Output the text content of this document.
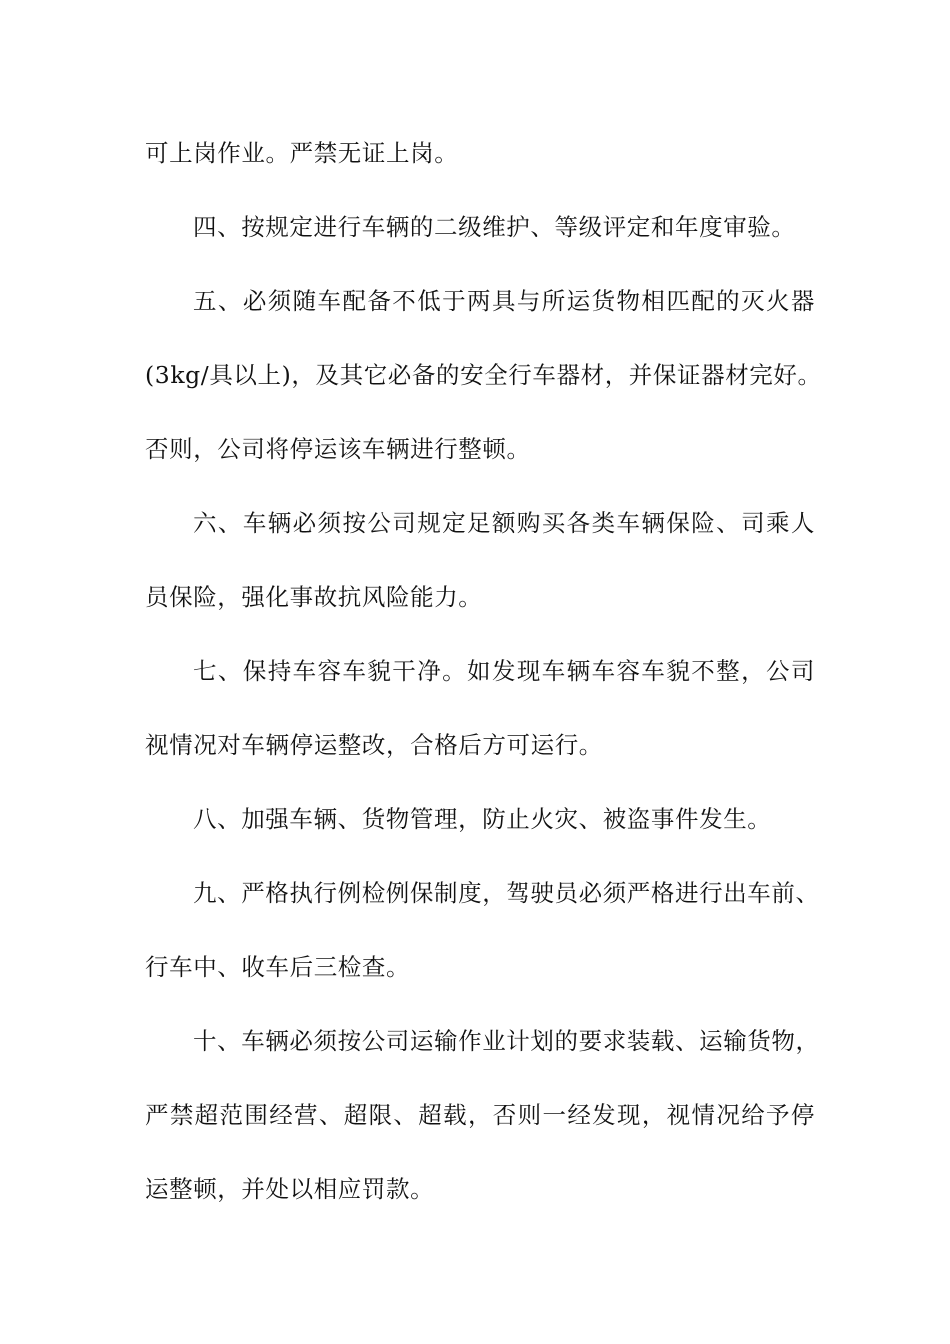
可上岗作业。严禁无证上岗。
四、按规定进行车辆的二级维护、等级评定和年度审验。
五、必须随车配备不低于两具与所运货物相匹配的灭火器
(3kg/具以上)，及其它必备的安全行车器材，并保证器材完好。
否则，公司将停运该车辆进行整顿。
六、车辆必须按公司规定足额购买各类车辆保险、司乘人
员保险，强化事故抗风险能力。
七、保持车容车貌干净。如发现车辆车容车貌不整，公司
视情况对车辆停运整改，合格后方可运行。
八、加强车辆、货物管理，防止火灾、被盗事件发生。
九、严格执行例检例保制度，驾驶员必须严格进行出车前、
行车中、收车后三检查。
十、车辆必须按公司运输作业计划的要求装载、运输货物，
严禁超范围经营、超限、超载，否则一经发现，视情况给予停
运整顿，并处以相应罚款。
